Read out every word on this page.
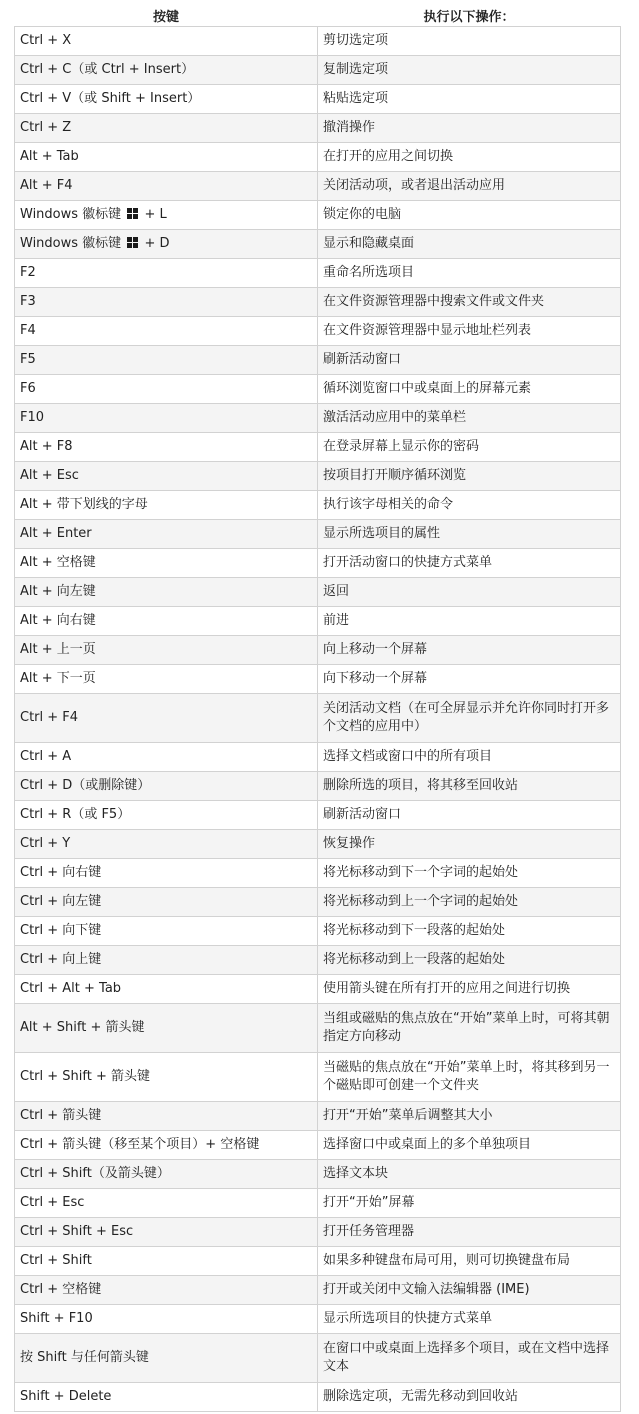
按键	执行以下操作：
Ctrl + X	剪切选定项
Ctrl + C（或 Ctrl + Insert）	复制选定项
Ctrl + V（或 Shift + Insert）	粘贴选定项
Ctrl + Z	撤消操作
Alt + Tab	在打开的应用之间切换
Alt + F4	关闭活动项，或者退出活动应用
Windows 徽标键 + L	锁定你的电脑
Windows 徽标键 + D	显示和隐藏桌面
F2	重命名所选项目
F3	在文件资源管理器中搜索文件或文件夹
F4	在文件资源管理器中显示地址栏列表
F5	刷新活动窗口
F6	循环浏览窗口中或桌面上的屏幕元素
F10	激活活动应用中的菜单栏
Alt + F8	在登录屏幕上显示你的密码
Alt + Esc	按项目打开顺序循环浏览
Alt + 带下划线的字母	执行该字母相关的命令
Alt + Enter	显示所选项目的属性
Alt + 空格键	打开活动窗口的快捷方式菜单
Alt + 向左键	返回
Alt + 向右键	前进
Alt + 上一页	向上移动一个屏幕
Alt + 下一页	向下移动一个屏幕
Ctrl + F4	关闭活动文档（在可全屏显示并允许你同时打开多个文档的应用中）
Ctrl + A	选择文档或窗口中的所有项目
Ctrl + D（或删除键）	删除所选的项目，将其移至回收站
Ctrl + R（或 F5）	刷新活动窗口
Ctrl + Y	恢复操作
Ctrl + 向右键	将光标移动到下一个字词的起始处
Ctrl + 向左键	将光标移动到上一个字词的起始处
Ctrl + 向下键	将光标移动到下一段落的起始处
Ctrl + 向上键	将光标移动到上一段落的起始处
Ctrl + Alt + Tab	使用箭头键在所有打开的应用之间进行切换
Alt + Shift + 箭头键	当组或磁贴的焦点放在“开始”菜单上时，可将其朝指定方向移动
Ctrl + Shift + 箭头键	当磁贴的焦点放在“开始”菜单上时，将其移到另一个磁贴即可创建一个文件夹
Ctrl + 箭头键	打开“开始”菜单后调整其大小
Ctrl + 箭头键（移至某个项目）+ 空格键	选择窗口中或桌面上的多个单独项目
Ctrl + Shift（及箭头键）	选择文本块
Ctrl + Esc	打开“开始”屏幕
Ctrl + Shift + Esc	打开任务管理器
Ctrl + Shift	如果多种键盘布局可用，则可切换键盘布局
Ctrl + 空格键	打开或关闭中文输入法编辑器 (IME)
Shift + F10	显示所选项目的快捷方式菜单
按 Shift 与任何箭头键	在窗口中或桌面上选择多个项目，或在文档中选择文本
Shift + Delete	删除选定项，无需先移动到回收站
